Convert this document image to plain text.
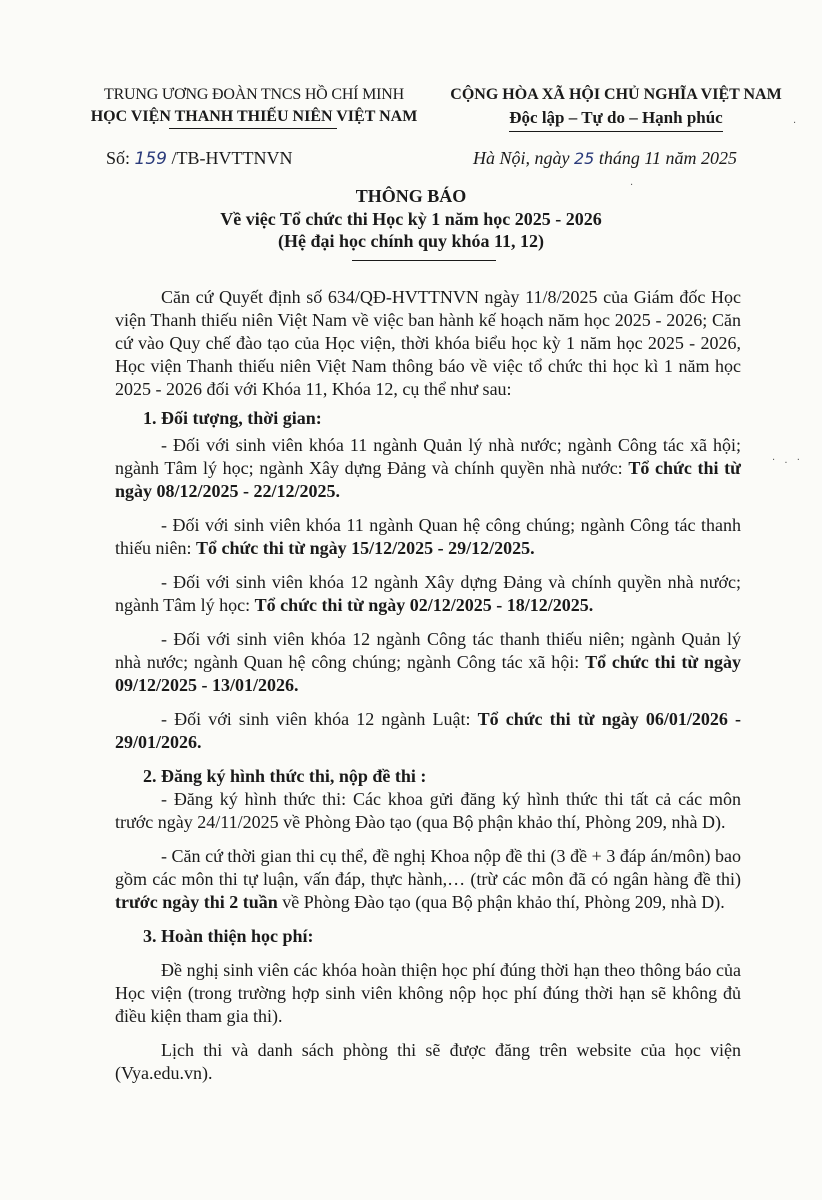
TRUNG ƯƠNG ĐOÀN TNCS HỒ CHÍ MINH
HỌC VIỆN THANH THIẾU NIÊN VIỆT NAM
CỘNG HÒA XÃ HỘI CHỦ NGHĨA VIỆT NAM
Độc lập – Tự do – Hạnh phúc
Số: 159 /TB-HVTTNVN	Hà Nội, ngày 25 tháng 11 năm 2025
THÔNG BÁO
Về việc Tổ chức thi Học kỳ 1 năm học 2025 - 2026
(Hệ đại học chính quy khóa 11, 12)

Căn cứ Quyết định số 634/QĐ-HVTTNVN ngày 11/8/2025 của Giám đốc Học viện Thanh thiếu niên Việt Nam về việc ban hành kế hoạch năm học 2025 - 2026; Căn cứ vào Quy chế đào tạo của Học viện, thời khóa biểu học kỳ 1 năm học 2025 - 2026, Học viện Thanh thiếu niên Việt Nam thông báo về việc tổ chức thi học kì 1 năm học 2025 - 2026 đối với Khóa 11, Khóa 12, cụ thể như sau:

1. Đối tượng, thời gian:

- Đối với sinh viên khóa 11 ngành Quản lý nhà nước; ngành Công tác xã hội; ngành Tâm lý học; ngành Xây dựng Đảng và chính quyền nhà nước: Tổ chức thi từ ngày 08/12/2025 - 22/12/2025.

- Đối với sinh viên khóa 11 ngành Quan hệ công chúng; ngành Công tác thanh thiếu niên: Tổ chức thi từ ngày 15/12/2025 - 29/12/2025.

- Đối với sinh viên khóa 12 ngành Xây dựng Đảng và chính quyền nhà nước; ngành Tâm lý học: Tổ chức thi từ ngày 02/12/2025 - 18/12/2025.

- Đối với sinh viên khóa 12 ngành Công tác thanh thiếu niên; ngành Quản lý nhà nước; ngành Quan hệ công chúng; ngành Công tác xã hội: Tổ chức thi từ ngày 09/12/2025 - 13/01/2026.

- Đối với sinh viên khóa 12 ngành Luật: Tổ chức thi từ ngày 06/01/2026 - 29/01/2026.

2. Đăng ký hình thức thi, nộp đề thi :

- Đăng ký hình thức thi: Các khoa gửi đăng ký hình thức thi tất cả các môn trước ngày 24/11/2025 về Phòng Đào tạo (qua Bộ phận khảo thí, Phòng 209, nhà D).

- Căn cứ thời gian thi cụ thể, đề nghị Khoa nộp đề thi (3 đề + 3 đáp án/môn) bao gồm các môn thi tự luận, vấn đáp, thực hành,… (trừ các môn đã có ngân hàng đề thi) trước ngày thi 2 tuần về Phòng Đào tạo (qua Bộ phận khảo thí, Phòng 209, nhà D).

3. Hoàn thiện học phí:

Đề nghị sinh viên các khóa hoàn thiện học phí đúng thời hạn theo thông báo của Học viện (trong trường hợp sinh viên không nộp học phí đúng thời hạn sẽ không đủ điều kiện tham gia thi).

Lịch thi và danh sách phòng thi sẽ được đăng trên website của học viện (Vya.edu.vn).

·
· . ·
·
